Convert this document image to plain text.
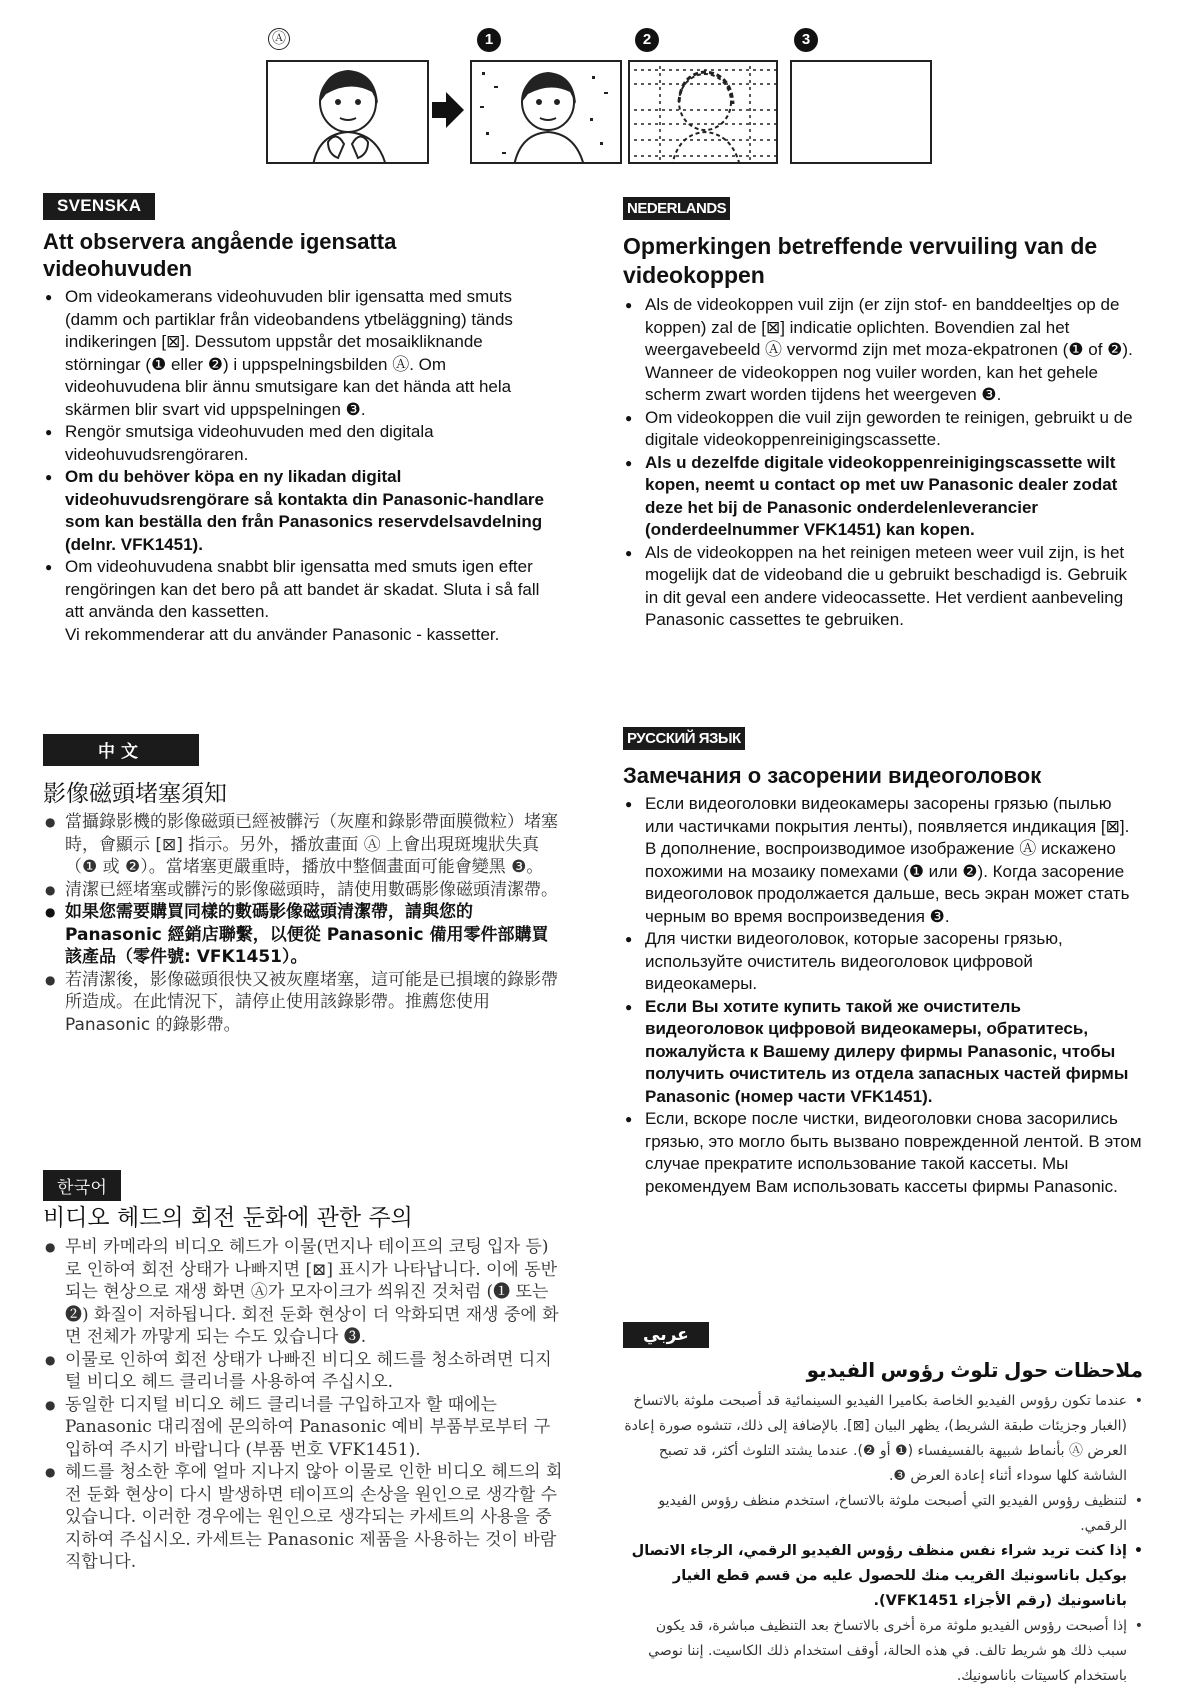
Ⓐ	1	2	3
SVENSKA
Att observera angående igensatta videohuvuden
● Om videokamerans videohuvuden blir igensatta med smuts (damm och partiklar från videobandens ytbeläggning) tänds indikeringen [⊠]. Dessutom uppstår det mosaikliknande störningar (❶ eller ❷) i uppspelningsbilden Ⓐ. Om videohuvudena blir ännu smutsigare kan det hända att hela skärmen blir svart vid uppspelningen ❸.
● Rengör smutsiga videohuvuden med den digitala videohuvudsrengöraren.
● Om du behöver köpa en ny likadan digital videohuvudsrengörare så kontakta din Panasonic-handlare som kan beställa den från Panasonics reservdelsavdelning (delnr. VFK1451).
● Om videohuvudena snabbt blir igensatta med smuts igen efter rengöringen kan det bero på att bandet är skadat. Sluta i så fall att använda den kassetten.
Vi rekommenderar att du använder Panasonic - kassetter.
中文
影像磁頭堵塞須知
● 當攝錄影機的影像磁頭已經被髒污（灰塵和錄影帶面膜微粒）堵塞時，會顯示 [⊠] 指示。另外，播放畫面 Ⓐ 上會出現斑塊狀失真（❶ 或 ❷）。當堵塞更嚴重時，播放中整個畫面可能會變黑 ❸。
● 清潔已經堵塞或髒污的影像磁頭時，請使用數碼影像磁頭清潔帶。
● 如果您需要購買同樣的數碼影像磁頭清潔帶，請與您的 Panasonic 經銷店聯繫，以便從 Panasonic 備用零件部購買該產品（零件號: VFK1451）。
● 若清潔後，影像磁頭很快又被灰塵堵塞，這可能是已損壞的錄影帶所造成。在此情況下，請停止使用該錄影帶。推薦您使用 Panasonic 的錄影帶。
한국어
비디오 헤드의 회전 둔화에 관한 주의
● 무비 카메라의 비디오 헤드가 이물(먼지나 테이프의 코팅 입자 등)로 인하여 회전 상태가 나빠지면 [⊠] 표시가 나타납니다. 이에 동반되는 현상으로 재생 화면 Ⓐ가 모자이크가 씌워진 것처럼 (❶ 또는 ❷) 화질이 저하됩니다. 회전 둔화 현상이 더 악화되면 재생 중에 화면 전체가 까맣게 되는 수도 있습니다 ❸.
● 이물로 인하여 회전 상태가 나빠진 비디오 헤드를 청소하려면 디지털 비디오 헤드 클리너를 사용하여 주십시오.
● 동일한 디지털 비디오 헤드 클리너를 구입하고자 할 때에는 Panasonic 대리점에 문의하여 Panasonic 예비 부품부로부터 구입하여 주시기 바랍니다 (부품 번호 VFK1451).
● 헤드를 청소한 후에 얼마 지나지 않아 이물로 인한 비디오 헤드의 회전 둔화 현상이 다시 발생하면 테이프의 손상을 원인으로 생각할 수 있습니다. 이러한 경우에는 원인으로 생각되는 카세트의 사용을 중지하여 주십시오. 카세트는 Panasonic 제품을 사용하는 것이 바람직합니다.
NEDERLANDS
Opmerkingen betreffende vervuiling van de videokoppen
● Als de videokoppen vuil zijn (er zijn stof- en banddeeltjes op de koppen) zal de [⊠] indicatie oplichten. Bovendien zal het weergavebeeld Ⓐ vervormd zijn met moza-ekpatronen (❶ of ❷). Wanneer de videokoppen nog vuiler worden, kan het gehele scherm zwart worden tijdens het weergeven ❸.
● Om videokoppen die vuil zijn geworden te reinigen, gebruikt u de digitale videokoppenreinigingscassette.
● Als u dezelfde digitale videokoppenreinigingscassette wilt kopen, neemt u contact op met uw Panasonic dealer zodat deze het bij de Panasonic onderdelenleverancier (onderdeelnummer VFK1451) kan kopen.
● Als de videokoppen na het reinigen meteen weer vuil zijn, is het mogelijk dat de videoband die u gebruikt beschadigd is. Gebruik in dit geval een andere videocassette. Het verdient aanbeveling Panasonic cassettes te gebruiken.
РУССКИЙ ЯЗЫК
Замечания о засорении видеоголовок
● Если видеоголовки видеокамеры засорены грязью (пылью или частичками покрытия ленты), появляется индикация [⊠]. В дополнение, воспроизводимое изображение Ⓐ искажено похожими на мозаику помехами (❶ или ❷). Когда засорение видеоголовок продолжается дальше, весь экран может стать черным во время воспроизведения ❸.
● Для чистки видеоголовок, которые засорены грязью, используйте очиститель видеоголовок цифровой видеокамеры.
● Если Вы хотите купить такой же очиститель видеоголовок цифровой видеокамеры, обратитесь, пожалуйста к Вашему дилеру фирмы Panasonic, чтобы получить очиститель из отдела запасных частей фирмы Panasonic (номер части VFK1451).
● Если, вскоре после чистки, видеоголовки снова засорились грязью, это могло быть вызвано поврежденной лентой. В этом случае прекратите использование такой кассеты. Мы рекомендуем Вам использовать кассеты фирмы Panasonic.
عربي
ملاحظات حول تلوث رؤوس الفيديو
• عندما تكون رؤوس الفيديو الخاصة بكاميرا الفيديو السينمائية قد أصبحت ملوثة بالاتساخ (الغبار وجزيئات طبقة الشريط)، يظهر البيان [⊠]. بالإضافة إلى ذلك، تتشوه صورة إعادة العرض Ⓐ بأنماط شبيهة بالفسيفساء (❶ أو ❷). عندما يشتد التلوث أكثر، قد تصبح الشاشة كلها سوداء أثناء إعادة العرض ❸.
• لتنظيف رؤوس الفيديو التي أصبحت ملوثة بالاتساخ، استخدم منظف رؤوس الفيديو الرقمي.
• إذا كنت تريد شراء نفس منظف رؤوس الفيديو الرقمي، الرجاء الاتصال بوكيل باناسونيك القريب منك للحصول عليه من قسم قطع الغيار باناسونيك (رقم الأجزاء VFK1451).
• إذا أصبحت رؤوس الفيديو ملوثة مرة أخرى بالاتساخ بعد التنظيف مباشرة، قد يكون سبب ذلك هو شريط تالف. في هذه الحالة، أوقف استخدام ذلك الكاسيت. إننا نوصي باستخدام كاسيتات باناسونيك.
